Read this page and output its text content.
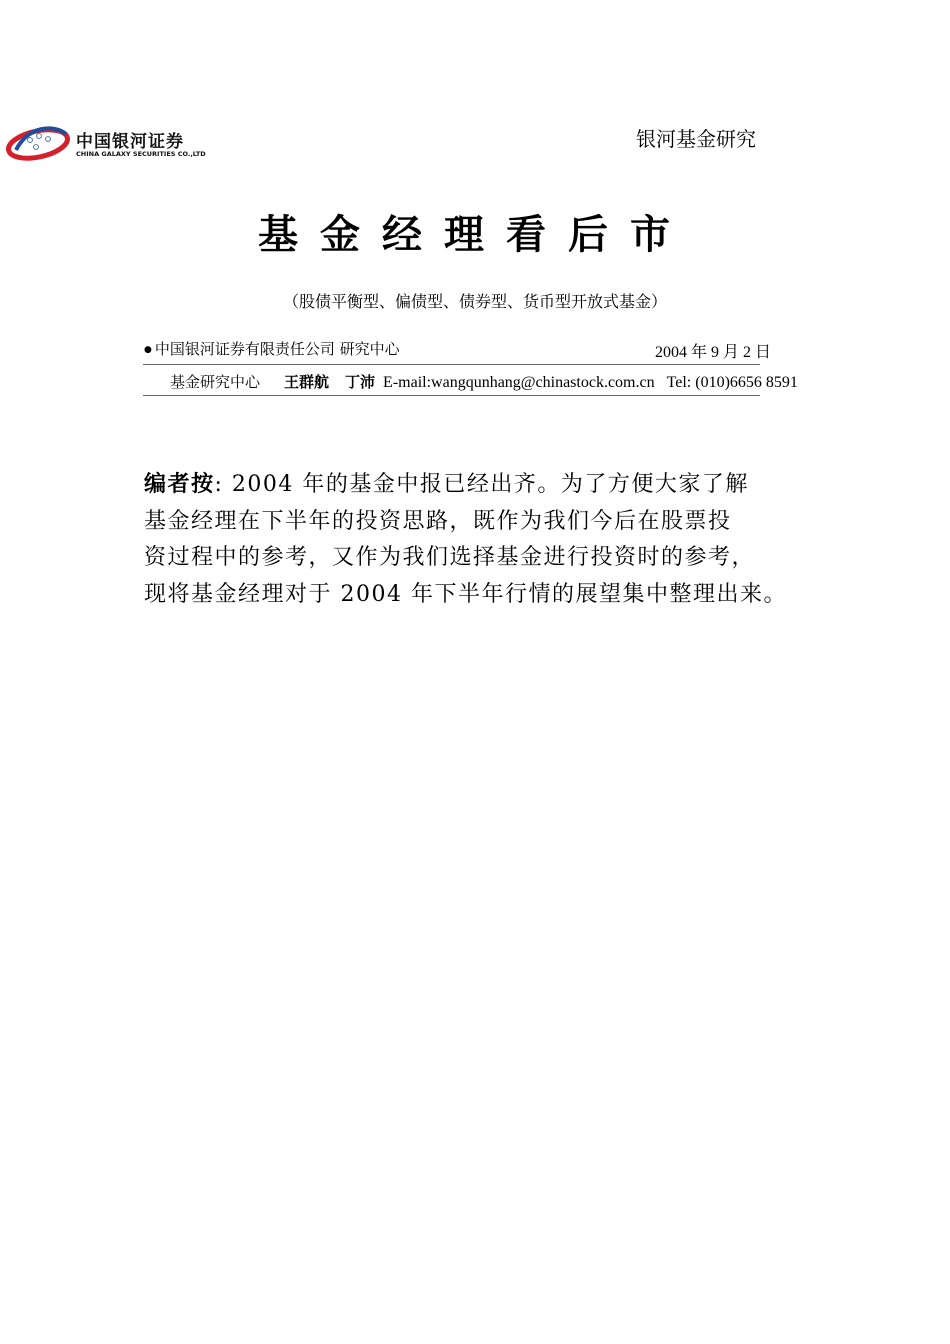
中国银河证券
CHINA GALAXY SECURITIES CO.,LTD
银河基金研究
基金经理看后市
（股债平衡型、偏债型、债券型、货币型开放式基金）
● 中国银河证券有限责任公司 研究中心	2004 年 9 月 2 日
基金研究中心 王群航 丁沛 E-mail:wangqunhang@chinastock.com.cn Tel: (010)6656 8591
编者按: 2004 年的基金中报已经出齐。为了方便大家了解
基金经理在下半年的投资思路，既作为我们今后在股票投
资过程中的参考，又作为我们选择基金进行投资时的参考，
现将基金经理对于 2004 年下半年行情的展望集中整理出来。
